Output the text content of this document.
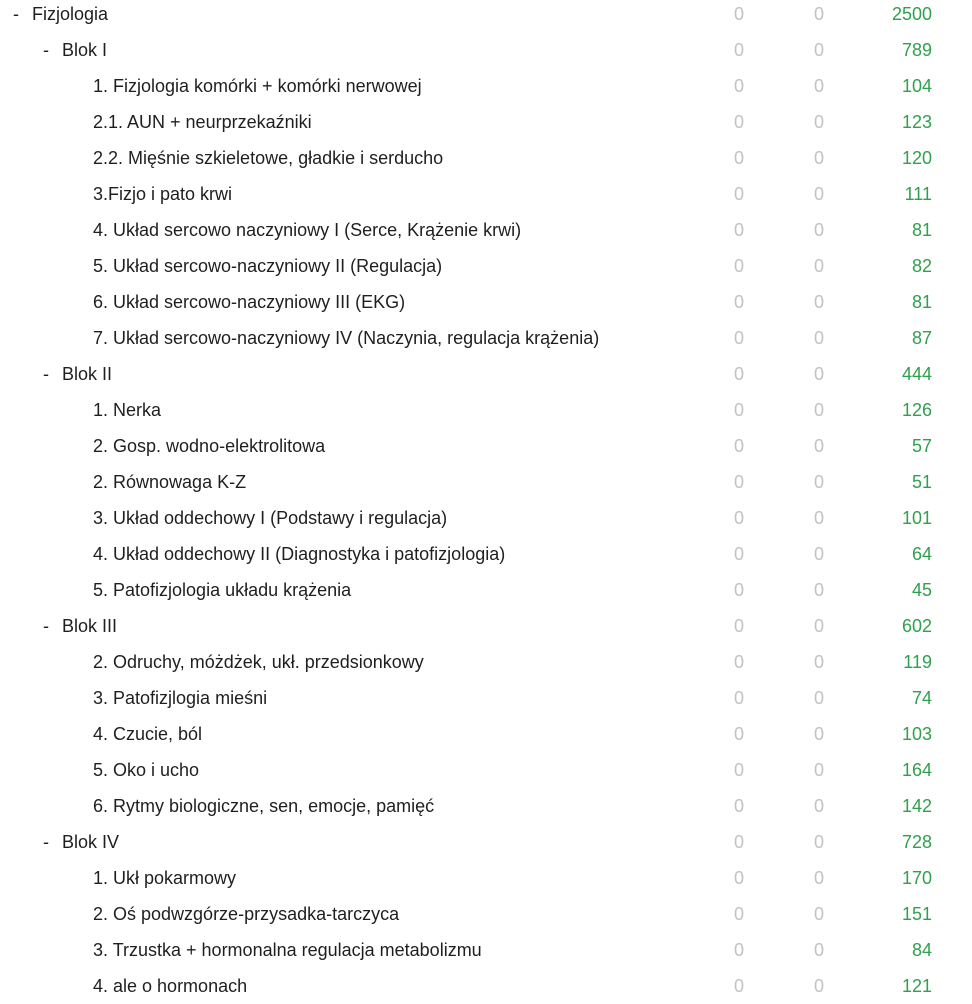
- Fizjologia	0	0	2500
- Blok I	0	0	789
1. Fizjologia komórki + komórki nerwowej	0	0	104
2.1. AUN + neurprzekaźniki	0	0	123
2.2. Mięśnie szkieletowe, gładkie i serducho	0	0	120
3.Fizjo i pato krwi	0	0	111
4. Układ sercowo naczyniowy I (Serce, Krążenie krwi)	0	0	81
5. Układ sercowo-naczyniowy II (Regulacja)	0	0	82
6. Układ sercowo-naczyniowy III (EKG)	0	0	81
7. Układ sercowo-naczyniowy IV (Naczynia, regulacja krążenia)	0	0	87
- Blok II	0	0	444
1. Nerka	0	0	126
2. Gosp. wodno-elektrolitowa	0	0	57
2. Równowaga K-Z	0	0	51
3. Układ oddechowy I (Podstawy i regulacja)	0	0	101
4. Układ oddechowy II (Diagnostyka i patofizjologia)	0	0	64
5. Patofizjologia układu krążenia	0	0	45
- Blok III	0	0	602
2. Odruchy, móżdżek, ukł. przedsionkowy	0	0	119
3. Patofizjlogia mieśni	0	0	74
4. Czucie, ból	0	0	103
5. Oko i ucho	0	0	164
6. Rytmy biologiczne, sen, emocje, pamięć	0	0	142
- Blok IV	0	0	728
1. Ukł pokarmowy	0	0	170
2. Oś podwzgórze-przysadka-tarczyca	0	0	151
3. Trzustka + hormonalna regulacja metabolizmu	0	0	84
4. ale o hormonach	0	0	121
